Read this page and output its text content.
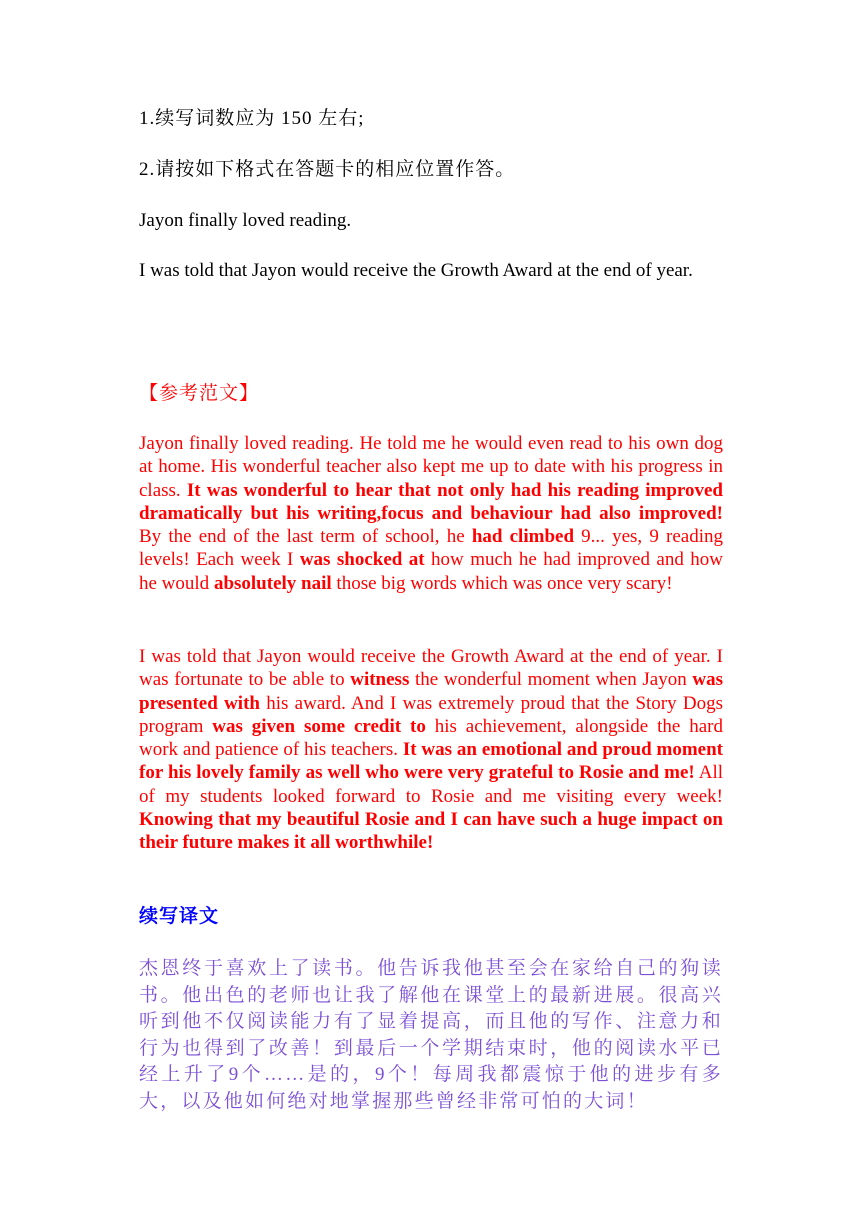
1.续写词数应为 150 左右;

2.请按如下格式在答题卡的相应位置作答。

Jayon finally loved reading.

I was told that Jayon would receive the Growth Award at the end of year.

【参考范文】

Jayon finally loved reading. He told me he would even read to his own dog at home. His wonderful teacher also kept me up to date with his progress in class. It was wonderful to hear that not only had his reading improved dramatically but his writing,focus and behaviour had also improved! By the end of the last term of school, he had climbed 9... yes, 9 reading levels! Each week I was shocked at how much he had improved and how he would absolutely nail those big words which was once very scary!

I was told that Jayon would receive the Growth Award at the end of year. I was fortunate to be able to witness the wonderful moment when Jayon was presented with his award. And I was extremely proud that the Story Dogs program was given some credit to his achievement, alongside the hard work and patience of his teachers. It was an emotional and proud moment for his lovely family as well who were very grateful to Rosie and me! All of my students looked forward to Rosie and me visiting every week! Knowing that my beautiful Rosie and I can have such a huge impact on their future makes it all worthwhile!

续写译文

杰恩终于喜欢上了读书。他告诉我他甚至会在家给自己的狗读书。他出色的老师也让我了解他在课堂上的最新进展。很高兴听到他不仅阅读能力有了显着提高，而且他的写作、注意力和行为也得到了改善！到最后一个学期结束时，他的阅读水平已经上升了9个……是的，9个！每周我都震惊于他的进步有多大，以及他如何绝对地掌握那些曾经非常可怕的大词！
